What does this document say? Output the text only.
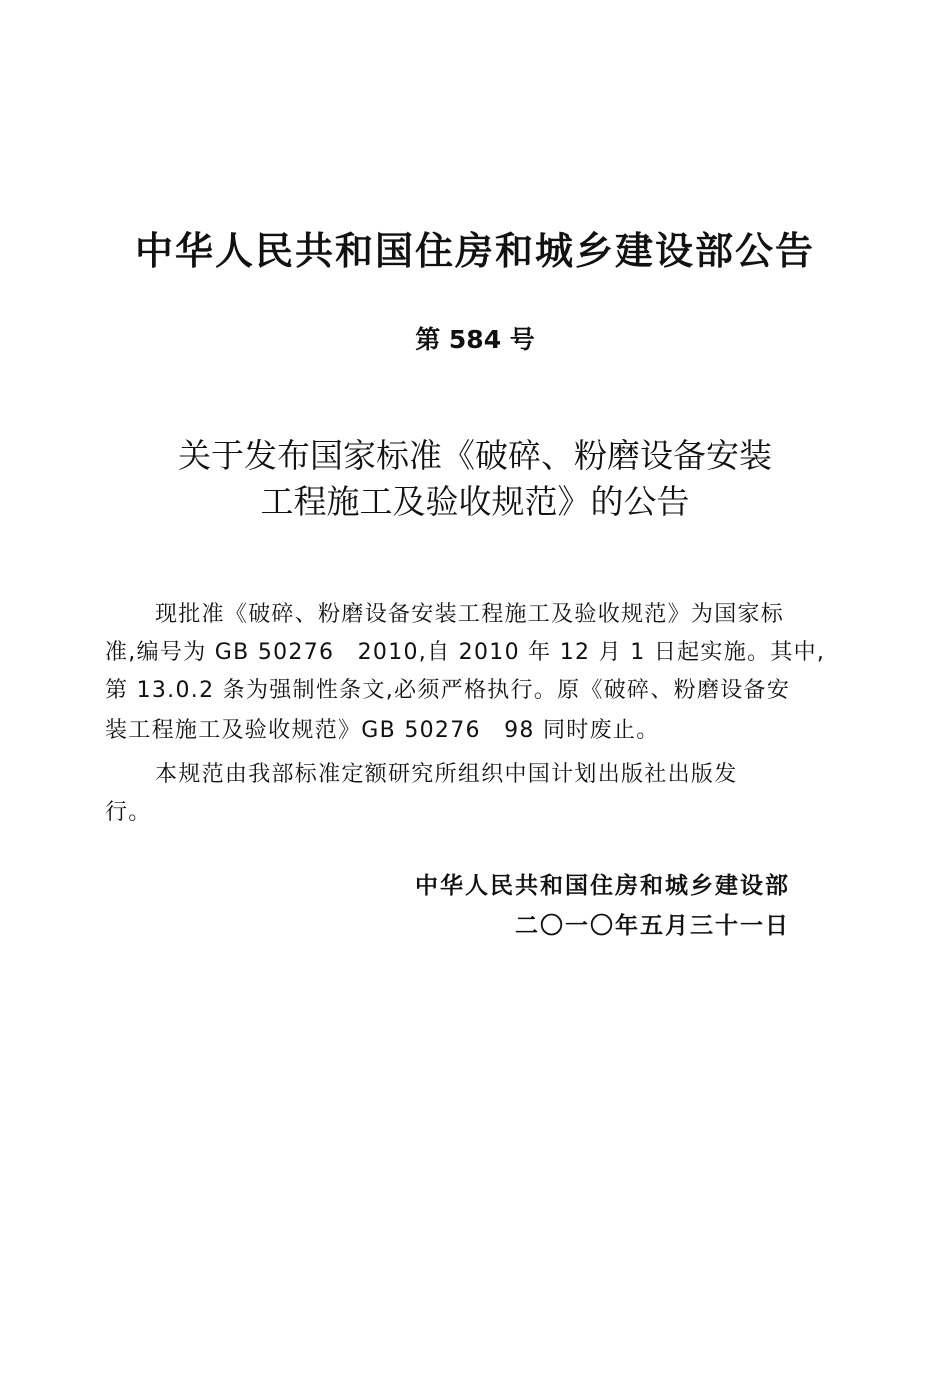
中华人民共和国住房和城乡建设部公告
第 584 号
关于发布国家标准《破碎、粉磨设备安装
工程施工及验收规范》的公告
现批准《破碎、粉磨设备安装工程施工及验收规范》为国家标
准,编号为 GB 50276　2010,自 2010 年 12 月 1 日起实施。其中,
第 13.0.2 条为强制性条文,必须严格执行。原《破碎、粉磨设备安
装工程施工及验收规范》GB 50276　98 同时废止。
本规范由我部标准定额研究所组织中国计划出版社出版发
行。
中华人民共和国住房和城乡建设部
二〇一〇年五月三十一日
